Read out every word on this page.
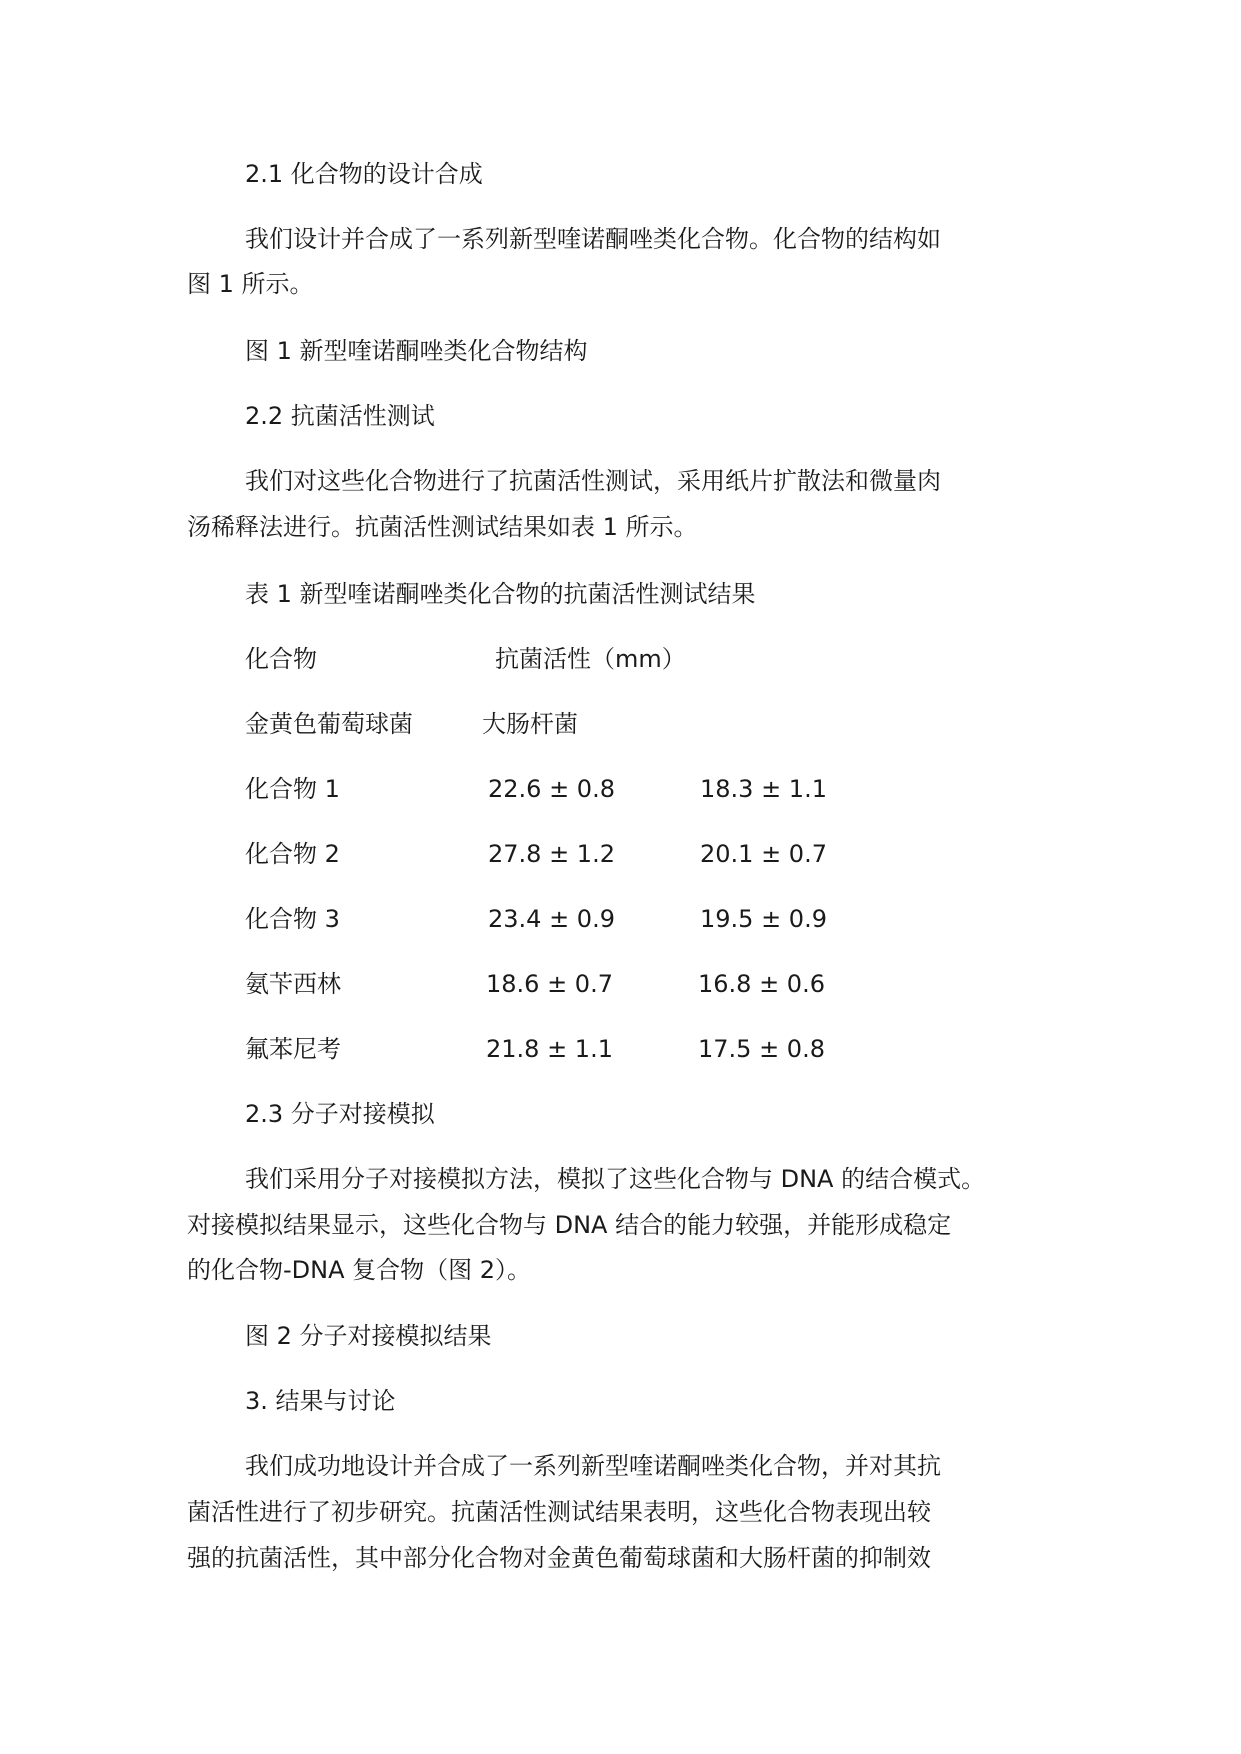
2.1 化合物的设计合成
我们设计并合成了一系列新型喹诺酮唑类化合物。化合物的结构如
图 1 所示。
图 1 新型喹诺酮唑类化合物结构
2.2 抗菌活性测试
我们对这些化合物进行了抗菌活性测试，采用纸片扩散法和微量肉
汤稀释法进行。抗菌活性测试结果如表 1 所示。
表 1 新型喹诺酮唑类化合物的抗菌活性测试结果
化合物	抗菌活性（mm）
金黄色葡萄球菌	大肠杆菌
化合物 1	22.6 ± 0.8	18.3 ± 1.1
化合物 2	27.8 ± 1.2	20.1 ± 0.7
化合物 3	23.4 ± 0.9	19.5 ± 0.9
氨苄西林	18.6 ± 0.7	16.8 ± 0.6
氟苯尼考	21.8 ± 1.1	17.5 ± 0.8
2.3 分子对接模拟
我们采用分子对接模拟方法，模拟了这些化合物与 DNA 的结合模式。
对接模拟结果显示，这些化合物与 DNA 结合的能力较强，并能形成稳定
的化合物-DNA 复合物（图 2）。
图 2 分子对接模拟结果
3. 结果与讨论
我们成功地设计并合成了一系列新型喹诺酮唑类化合物，并对其抗
菌活性进行了初步研究。抗菌活性测试结果表明，这些化合物表现出较
强的抗菌活性，其中部分化合物对金黄色葡萄球菌和大肠杆菌的抑制效
